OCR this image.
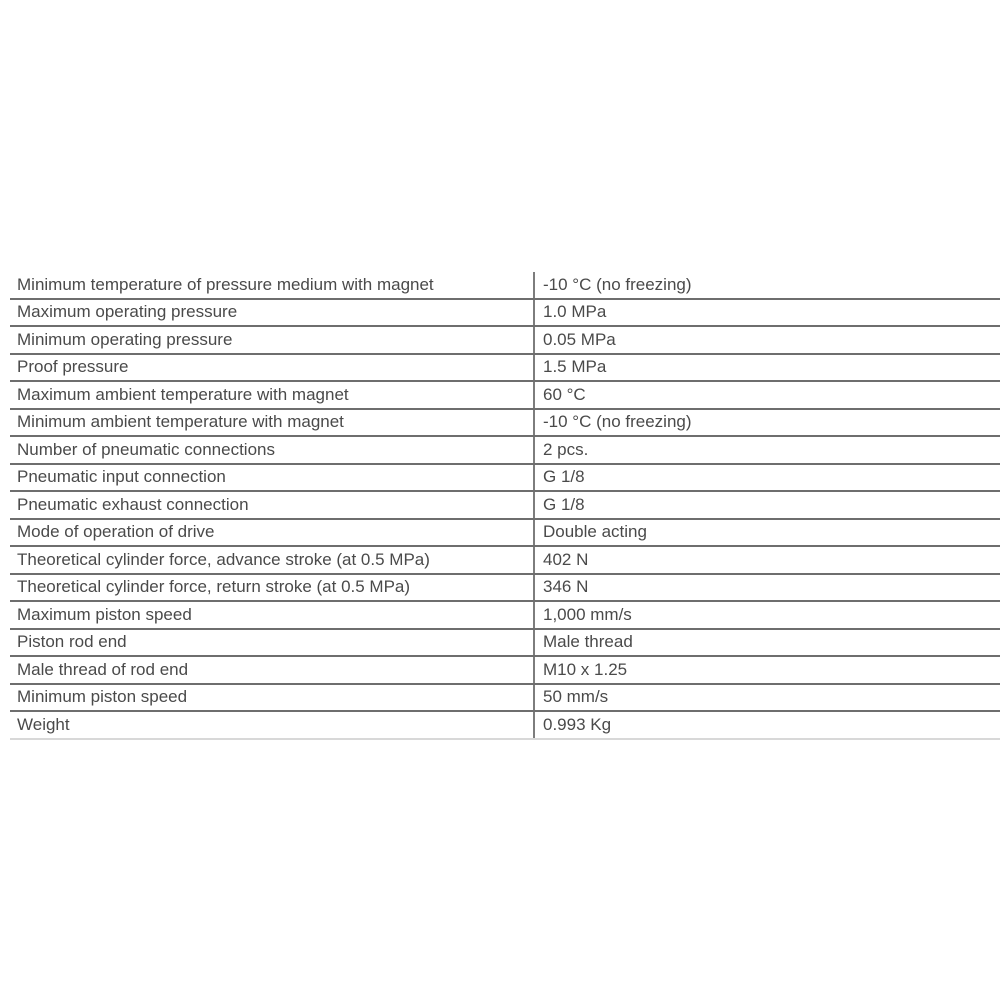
Minimum temperature of pressure medium with magnet	-10 °C (no freezing)
Maximum operating pressure	1.0 MPa
Minimum operating pressure	0.05 MPa
Proof pressure	1.5 MPa
Maximum ambient temperature with magnet	60 °C
Minimum ambient temperature with magnet	-10 °C (no freezing)
Number of pneumatic connections	2 pcs.
Pneumatic input connection	G 1/8
Pneumatic exhaust connection	G 1/8
Mode of operation of drive	Double acting
Theoretical cylinder force, advance stroke (at 0.5 MPa)	402 N
Theoretical cylinder force, return stroke (at 0.5 MPa)	346 N
Maximum piston speed	1,000 mm/s
Piston rod end	Male thread
Male thread of rod end	M10 x 1.25
Minimum piston speed	50 mm/s
Weight	0.993 Kg
